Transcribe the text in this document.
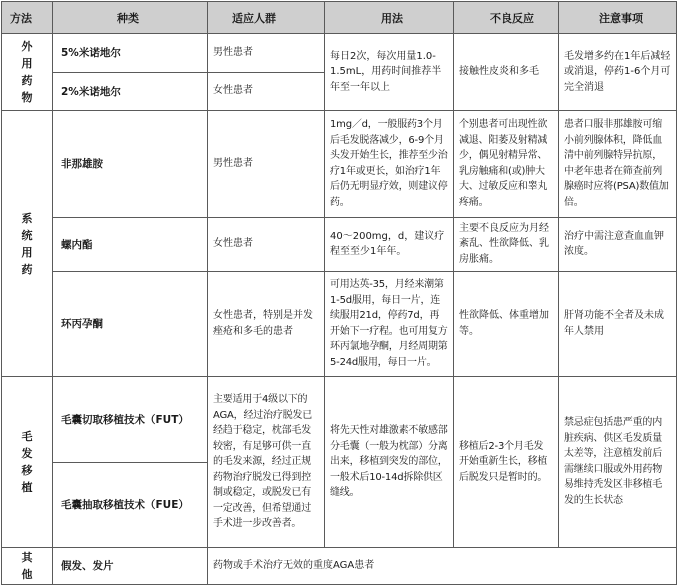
方法	种类	适应人群	用法	不良反应	注意事项
外
用
药
物	5%米诺地尔	男性患者	每日2次，每次用量1.0-1.5mL，用药时间推荐半年至一年以上	接触性皮炎和多毛	毛发增多约在1年后减轻或消退，停药1-6个月可完全消退
	2%米诺地尔	女性患者			
系
统
用
药	非那雄胺	男性患者	1mg／d，一般服药3个月后毛发脱落减少，6-9个月头发开始生长，推荐至少治疗1年或更长，如治疗1年后仍无明显疗效，则建议停药。	个别患者可出现性欲减退、阳萎及射精减少，偶见射精异常、乳房触痛和(或)肿大大、过敏反应和睾丸疼痛。	患者口服非那雄胺可缩小前列腺体积，降低血清中前列腺特异抗原，中老年患者在筛查前列腺癌时应将(PSA)数值加 倍。
	螺内酯	女性患者	40～200mg，d，建议疗程至至少1年年。	主要不良反应为月经紊乱、性欲降低、乳房胀痛。	治疗中需注意查血血钾浓度。
	环丙孕酮	女性患者，特别是并发痤疮和多毛的患者	可用达英-35，月经来潮第1-5d服用，每日一片，连续服用21d，停药7d，再开始下一疗程。也可用复方环丙氯地孕酮，月经周期第5-24d服用，每日一片。	性欲降低、体重增加等。	肝肾功能不全者及未成年人禁用
毛
发
移
植	毛囊切取移植技术（FUT）	主要适用于4级以下的AGA，经过治疗脱发已经趋于稳定，枕部毛发较密，有足够可供一直的毛发来源，经过正规药物治疗脱发已得到控制或稳定，或脱发已有一定改善，但希望通过手术进一步改善者。	将先天性对雄激素不敏感部分毛囊（一般为枕部）分离出来，移植到突发的部位，一般术后10-14d拆除供区缝线。	移植后2-3个月毛发开始重新生长，移植后脱发只是暂时的。	禁忌症包括患严重的内脏疾病、供区毛发质量太差等，注意植发前后需继续口服或外用药物易维持秃发区非移植毛发的生长状态
	毛囊抽取移植技术（FUE）				
其
他	假发、发片	药物或手术治疗无效的重度AGA患者			
